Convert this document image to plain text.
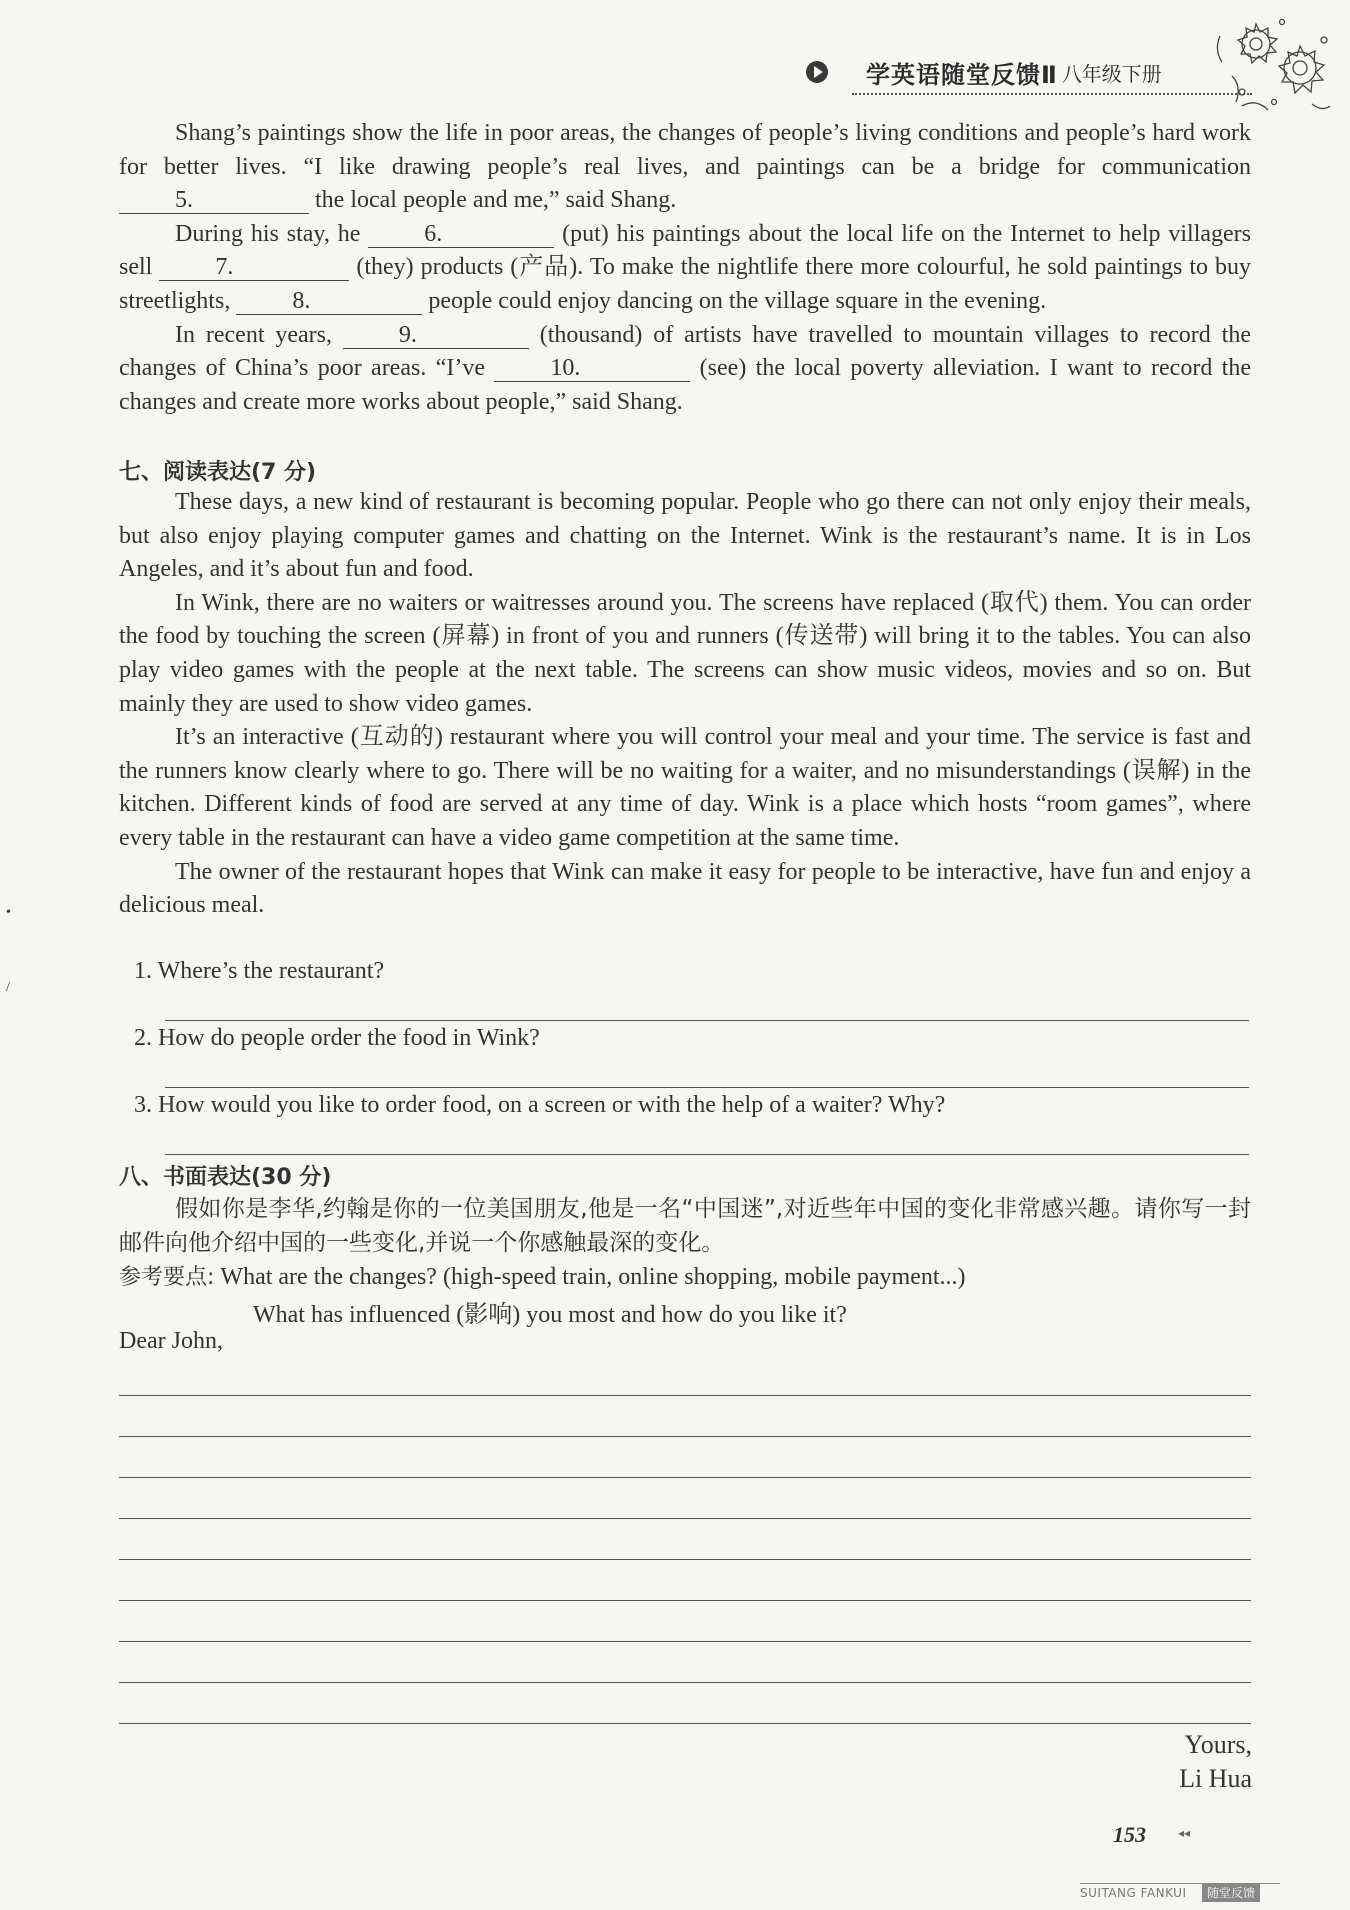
学英语随堂反馈Ⅱ 八年级下册

Shang’s paintings show the life in poor areas, the changes of people’s living conditions and people’s hard work for better lives. “I like drawing people’s real lives, and paintings can be a bridge for communication 5.	the local people and me,” said Shang.

During his stay, he 6.	(put) his paintings about the local life on the Internet to help villagers sell 7.	(they) products (产品). To make the nightlife there more colourful, he sold paintings to buy streetlights, 8.	people could enjoy dancing on the village square in the evening.

In recent years, 9.	(thousand) of artists have travelled to mountain villages to record the changes of China’s poor areas. “I’ve 10.	(see) the local poverty alleviation. I want to record the changes and create more works about people,” said Shang.

七、阅读表达(7 分)

These days, a new kind of restaurant is becoming popular. People who go there can not only enjoy their meals, but also enjoy playing computer games and chatting on the Internet. Wink is the restaurant’s name. It is in Los Angeles, and it’s about fun and food.

In Wink, there are no waiters or waitresses around you. The screens have replaced (取代) them. You can order the food by touching the screen (屏幕) in front of you and runners (传送带) will bring it to the tables. You can also play video games with the people at the next table. The screens can show music videos, movies and so on. But mainly they are used to show video games.

It’s an interactive (互动的) restaurant where you will control your meal and your time. The service is fast and the runners know clearly where to go. There will be no waiting for a waiter, and no misunderstandings (误解) in the kitchen. Different kinds of food are served at any time of day. Wink is a place which hosts “room games”, where every table in the restaurant can have a video game competition at the same time.

The owner of the restaurant hopes that Wink can make it easy for people to be interactive, have fun and enjoy a delicious meal.

1. Where’s the restaurant?
2. How do people order the food in Wink?
3. How would you like to order food, on a screen or with the help of a waiter? Why?
八、书面表达(30 分)

假如你是李华,约翰是你的一位美国朋友,他是一名“中国迷”,对近些年中国的变化非常感兴趣。请你写一封邮件向他介绍中国的一些变化,并说一个你感触最深的变化。

参考要点: What are the changes? (high-speed train, online shopping, mobile payment...)
What has influenced (影响) you most and how do you like it?
Dear John,
Yours,
Li Hua
153	◂◂
SUITANG FANKUI	随堂反馈
•
/
